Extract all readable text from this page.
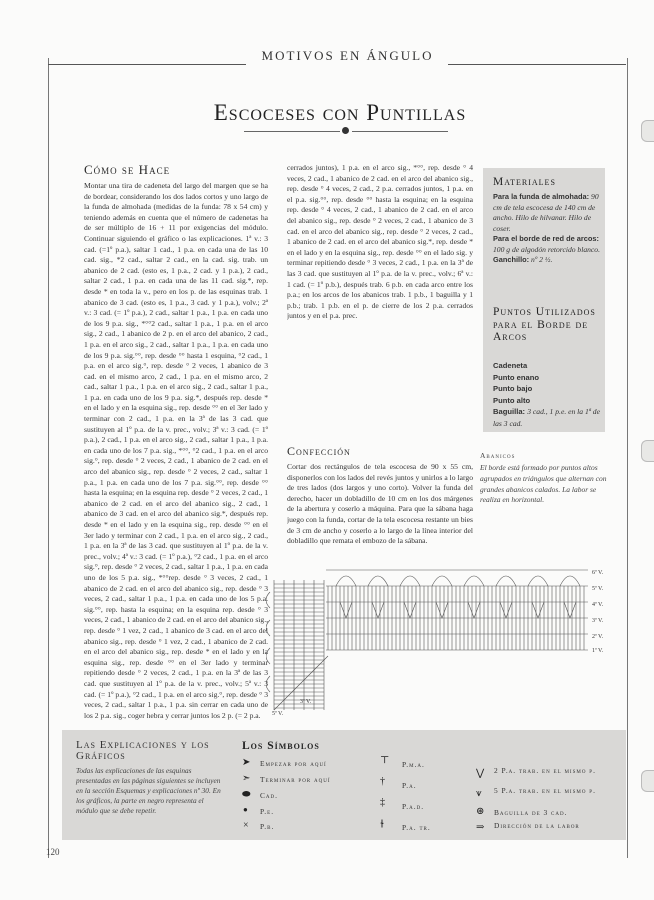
MOTIVOS EN ÁNGULO
Escoceses con Puntillas
Cómo se Hace
Montar una tira de cadeneta del largo del margen que se ha de bordear, considerando los dos lados cortos y uno largo de la funda de almohada (medidas de la funda: 78 x 54 cm) y teniendo además en cuenta que el número de cadenetas ha de ser múltiplo de 16 + 11 por exigencias del módulo. Continuar siguiendo el gráfico o las explicaciones. 1ª v.: 3 cad. (=1º p.a.), saltar 1 cad., 1 p.a. en cada una de las 10 cad. sig., *2 cad., saltar 2 cad., en la cad. sig. trab. un abanico de 2 cad. (esto es, 1 p.a., 2 cad. y 1 p.a.), 2 cad., saltar 2 cad., 1 p.a. en cada una de las 11 cad. sig.*, rep. desde * en toda la v., pero en los p. de las esquinas trab. 1 abanico de 3 cad. (esto es, 1 p.a., 3 cad. y 1 p.a.), volv.; 2ª v.: 3 cad. (= 1º p.a.), 2 cad., saltar 1 p.a., 1 p.a. en cada uno de los 9 p.a. sig., *°°2 cad., saltar 1 p.a., 1 p.a. en el arco sig., 2 cad., 1 abanico de 2 p. en el arco del abanico, 2 cad., 1 p.a. en el arco sig., 2 cad., saltar 1 p.a., 1 p.a. en cada uno de los 9 p.a. sig.°°, rep. desde °° hasta 1 esquina, °2 cad., 1 p.a. en el arco sig.°, rep. desde ° 2 veces, 1 abanico de 3 cad. en el mismo arco, 2 cad., 1 p.a. en el mismo arco, 2 cad., saltar 1 p.a., 1 p.a. en el arco sig., 2 cad., saltar 1 p.a., 1 p.a. en cada uno de los 9 p.a. sig.*, después rep. desde * en el lado y en la esquina sig., rep. desde °° en el 3er lado y terminar con 2 cad., 1 p.a. en la 3ª de las 3 cad. que sustituyen al 1º p.a. de la v. prec., volv.; 3ª v.: 3 cad. (= 1º p.a.), 2 cad., 1 p.a. en el arco sig., 2 cad., saltar 1 p.a., 1 p.a. en cada uno de los 7 p.a. sig., *°°, °2 cad., 1 p.a. en el arco sig.°, rep. desde ° 2 veces, 2 cad., 1 abanico de 2 cad. en el arco del abanico sig., rep. desde ° 2 veces, 2 cad., saltar 1 p.a., 1 p.a. en cada uno de los 7 p.a. sig.°°, rep. desde °° hasta la esquina; en la esquina rep. desde ° 2 veces, 2 cad., 1 abanico de 2 cad. en el arco del abanico sig., 2 cad., 1 abanico de 3 cad. en el arco del abanico sig.*, después rep. desde * en el lado y en la esquina sig., rep. desde °° en el 3er lado y terminar con 2 cad., 1 p.a. en el arco sig., 2 cad., 1 p.a. en la 3ª de las 3 cad. que sustituyen al 1º p.a. de la v. prec., volv.; 4ª v.: 3 cad. (= 1º p.a.), °2 cad., 1 p.a. en el arco sig.°, rep. desde ° 2 veces, 2 cad., saltar 1 p.a., 1 p.a. en cada uno de los 5 p.a. sig., *°°rep. desde ° 3 veces, 2 cad., 1 abanico de 2 cad. en el arco del abanico sig., rep. desde ° 3 veces, 2 cad., saltar 1 p.a., 1 p.a. en cada uno de los 5 p.a. sig.°°, rep. hasta la esquina; en la esquina rep. desde ° 3 veces, 2 cad., 1 abanico de 2 cad. en el arco del abanico sig., rep. desde ° 1 vez, 2 cad., 1 abanico de 3 cad. en el arco del abanico sig., rep. desde ° 1 vez, 2 cad., 1 abanico de 2 cad. en el arco del abanico sig., rep. desde * en el lado y en la esquina sig., rep. desde °° en el 3er lado y terminar repitiendo desde ° 2 veces, 2 cad., 1 p.a. en la 3ª de las 3 cad. que sustituyen al 1º p.a. de la v. prec., volv.; 5ª v.: 3 cad. (= 1º p.a.), °2 cad., 1 p.a. en el arco sig.°, rep. desde ° 3 veces, 2 cad., saltar 1 p.a., 1 p.a. sin cerrar en cada uno de los 2 p.a. sig., coger hebra y cerrar juntos los 2 p. (= 2 p.a.
cerrados juntos), 1 p.a. en el arco sig., *°°, rep. desde ° 4 veces, 2 cad., 1 abanico de 2 cad. en el arco del abanico sig., rep. desde ° 4 veces, 2 cad., 2 p.a. cerrados juntos, 1 p.a. en el p.a. sig.°°, rep. desde °° hasta la esquina; en la esquina rep. desde ° 4 veces, 2 cad., 1 abanico de 2 cad. en el arco del abanico sig., rep. desde ° 2 veces, 2 cad., 1 abanico de 3 cad. en el arco del abanico sig., rep. desde ° 2 veces, 2 cad., 1 abanico de 2 cad. en el arco del abanico sig.*, rep. desde * en el lado y en la esquina sig., rep. desde °° en el lado sig. y terminar repitiendo desde ° 3 veces, 2 cad., 1 p.a. en la 3ª de las 3 cad. que sustituyen al 1º p.a. de la v. prec., volv.; 6ª v.: 1 cad. (= 1º p.b.), después trab. 6 p.b. en cada arco entre los p.a.; en los arcos de los abanicos trab. 1 p.b., 1 baguilla y 1 p.b.; trab. 1 p.b. en el p. de cierre de los 2 p.a. cerrados juntos y en el p.a. prec.
Confección
Cortar dos rectángulos de tela escocesa de 90 x 55 cm, disponerlos con los lados del revés juntos y unirlos a lo largo de tres lados (dos largos y uno corto). Volver la funda del derecho, hacer un dobladillo de 10 cm en los dos márgenes de la abertura y coserlo a máquina. Para que la sábana haga juego con la funda, cortar de la tela escocesa restante un bies de 3 cm de ancho y coserlo a lo largo de la línea interior del dobladillo que remata el embozo de la sábana.
Materiales
Para la funda de almohada: 90 cm de tela escocesa de 140 cm de ancho. Hilo de hilvanar. Hilo de coser.
Para el borde de red de arcos: 100 g de algodón retorcido blanco.
Ganchillo: nº 2 ½.
Puntos Utilizados para el Borde de Arcos
Cadeneta
Punto enano
Punto bajo
Punto alto
Baguilla: 3 cad., 1 p.e. en la 1ª de las 3 cad.
Abanicos
El borde está formado por puntos altos agrupados en triángulos que alternan con grandes abanicos calados. La labor se realiza en horizontal.
6ª V.
5ª V.
4ª V.
3ª V.
2ª V.
1ª V.
5ª V.
3ª V.
Las Explicaciones y los Gráficos
Todas las explicaciones de las esquinas presentadas en las páginas siguientes se incluyen en la sección Esquemas y explicaciones nº 30. En los gráficos, la parte en negro representa el módulo que se debe repetir.
Los Símbolos
➤ Empezar por aquí
➣ Terminar por aquí
⬬ Cad.
● P.e.
× P.b.
⊤ P.m.a.
† P.a.
‡ P.a.d.
⫳ P.a. tr.
⋁ 2 P.a. trab. en el mismo p.
⩛ 5 P.a. trab. en el mismo p.
⊛ Baguilla de 3 cad.
⇒ Dirección de la labor
120
